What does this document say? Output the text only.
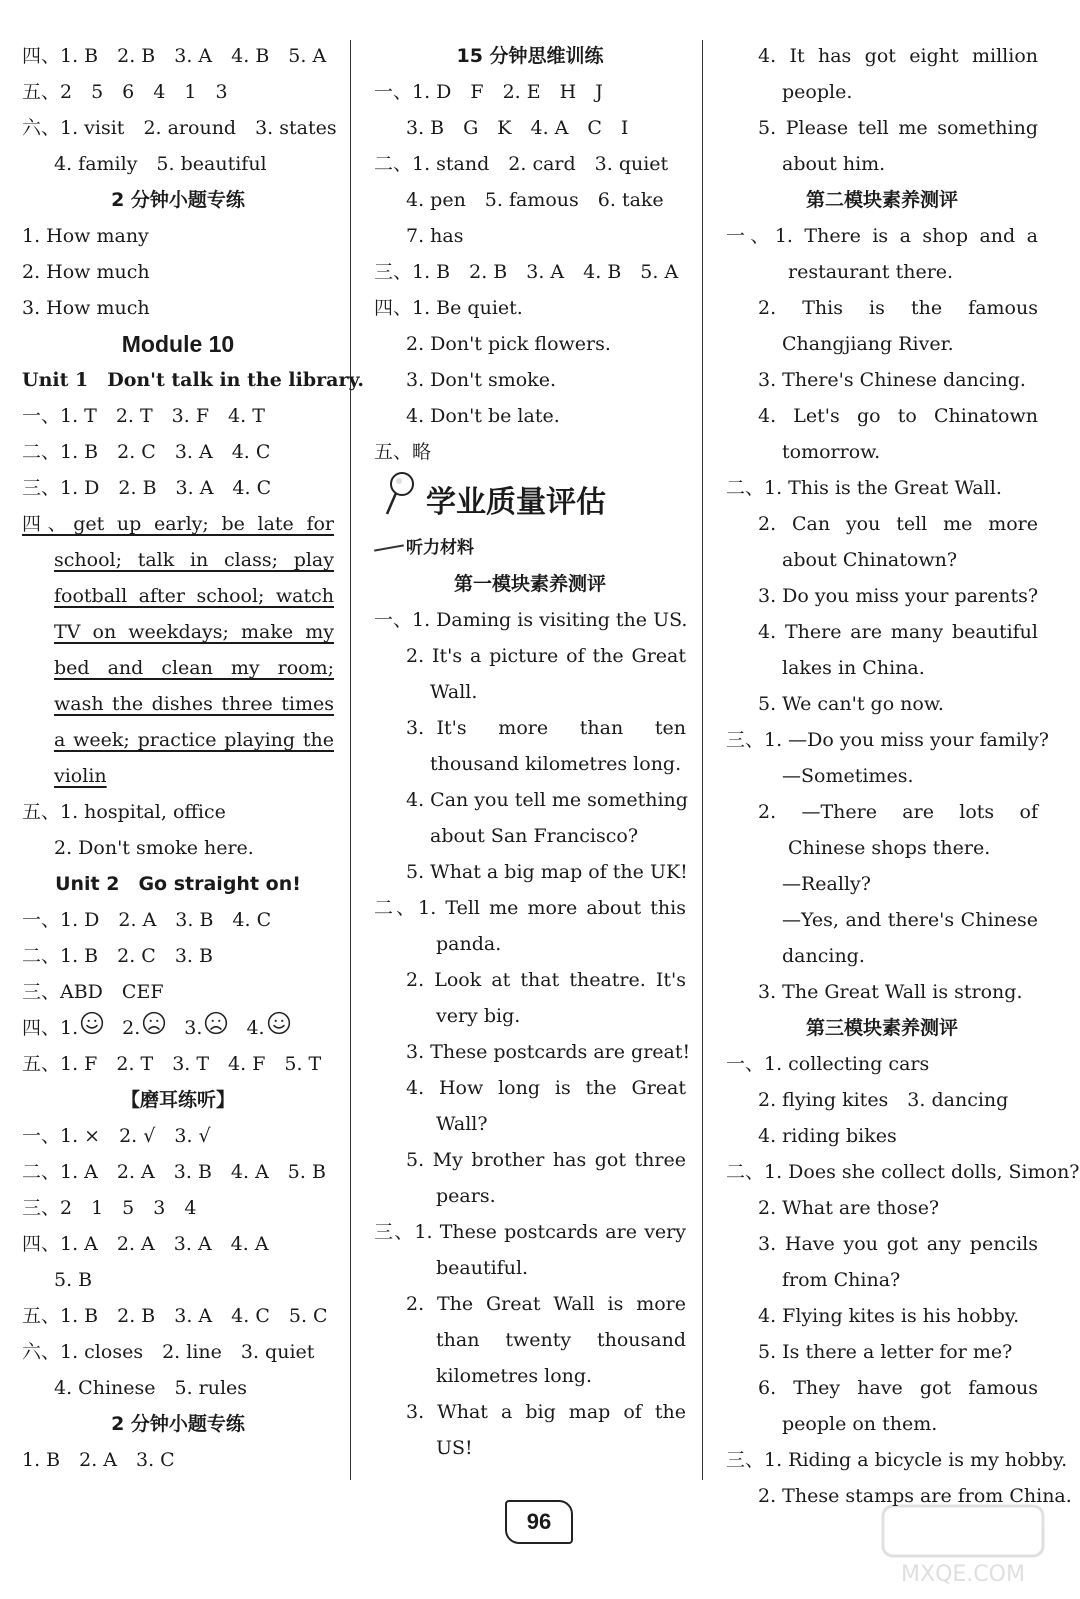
四、1. B　2. B　3. A　4. B　5. A
五、2　5　6　4　1　3
六、1. visit　2. around　3. states
4. family　5. beautiful
2 分钟小题专练
1. How many
2. How much
3. How much
Module 10
Unit 1　Don't talk in the library.
一、1. T　2. T　3. F　4. T
二、1. B　2. C　3. A　4. C
三、1. D　2. B　3. A　4. C
四、get up early; be late for
school; talk in class; play
football after school; watch
TV on weekdays; make my
bed and clean my room;
wash the dishes three times
a week; practice playing the
violin
五、1. hospital, office
2. Don't smoke here.
Unit 2　Go straight on!
一、1. D　2. A　3. B　4. C
二、1. B　2. C　3. B
三、ABD　CEF
四、1. 2. 3. 4.
五、1. F　2. T　3. T　4. F　5. T
【磨耳练听】
一、1. ×　2. √　3. √
二、1. A　2. A　3. B　4. A　5. B
三、2　1　5　3　4
四、1. A　2. A　3. A　4. A
5. B
五、1. B　2. B　3. A　4. C　5. C
六、1. closes　2. line　3. quiet
4. Chinese　5. rules
2 分钟小题专练
1. B　2. A　3. C
15 分钟思维训练
一、1. D　F　2. E　H　J
3. B　G　K　4. A　C　I
二、1. stand　2. card　3. quiet
4. pen　5. famous　6. take
7. has
三、1. B　2. B　3. A　4. B　5. A
四、1. Be quiet.
2. Don't pick flowers.
3. Don't smoke.
4. Don't be late.
五、略
学业质量评估
听力材料
第一模块素养测评
一、1. Daming is visiting the US.
2. It's a picture of the Great
Wall.
3. It's　more　than　ten
thousand kilometres long.
4. Can you tell me something
about San Francisco?
5. What a big map of the UK!
二、1. Tell me more about this
panda.
2. Look at that theatre. It's
very big.
3. These postcards are great!
4. How long is the Great
Wall?
5. My brother has got three
pears.
三、1. These postcards are very
beautiful.
2. The Great Wall is more
than　twenty　thousand
kilometres long.
3. What a big map of the
US!
4. It has got eight million
people.
5. Please tell me something
about him.
第二模块素养测评
一、1. There is a shop and a
restaurant there.
2. This is the famous
Changjiang River.
3. There's Chinese dancing.
4. Let's go to Chinatown
tomorrow.
二、1. This is the Great Wall.
2. Can you tell me more
about Chinatown?
3. Do you miss your parents?
4. There are many beautiful
lakes in China.
5. We can't go now.
三、1. —Do you miss your family?
—Sometimes.
2. —There are lots of
Chinese shops there.
—Really?
—Yes, and there's Chinese
dancing.
3. The Great Wall is strong.
第三模块素养测评
一、1. collecting cars
2. flying kites　3. dancing
4. riding bikes
二、1. Does she collect dolls, Simon?
2. What are those?
3. Have you got any pencils
from China?
4. Flying kites is his hobby.
5. Is there a letter for me?
6. They have got famous
people on them.
三、1. Riding a bicycle is my hobby.
2. These stamps are from China.
96
MXQE.COM
